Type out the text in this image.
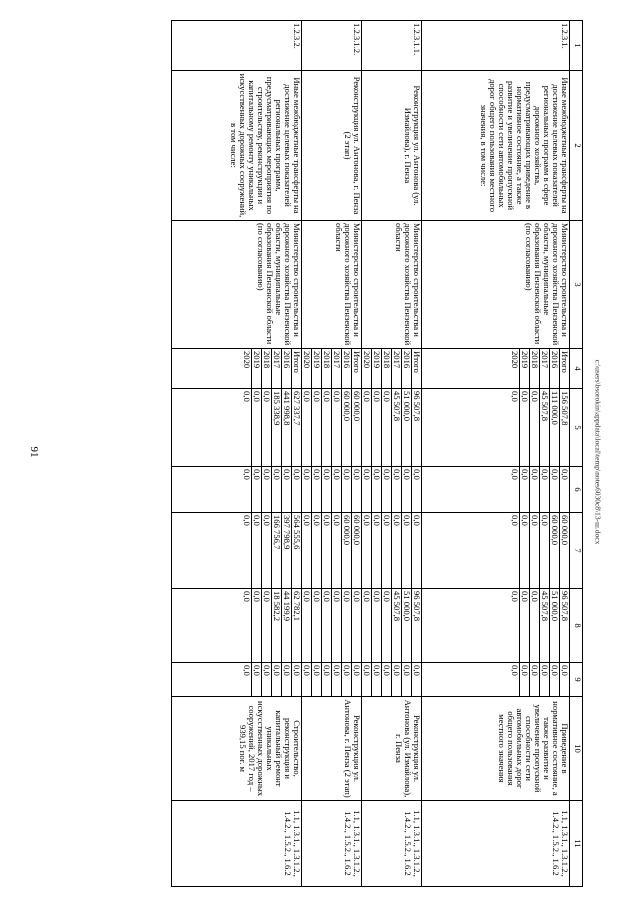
91
1	2	3	4	5	6	7	8	9	10	11
1.2.3.1.	Иные межбюджетные трансферты на достижение целевых показателей региональных программ в сфере дорожного хозяйства, предусматривающих приведение в нормативное состояние, а также развитие и увеличение пропускной способности сети автомобильных дорог общего пользования местного значения, в том числе:	Министерство строительства и дорожного хозяйства Пензенской области, муниципальные образования Пензенской области (по согласованию)	Итого	156 507,8	0,0	60 000,0	96 507,8	0,0	Приведение в нормативное состояние, а также развитие и увеличение пропускной способности сети автомобильных дорог общего пользования местного значения	1.1, 1.3.1., 1.3.1.2., 1.4.2., 1.5.2., 1.6.2
			2016	111 000,0	0,0	60 000,0	51 000,0	0,0		
			2017	45 507,8	0,0	0,0	45 507,8	0,0		
			2018	0,0	0,0	0,0	0,0	0,0		
			2019	0,0	0,0	0,0	0,0	0,0		
			2020	0,0	0,0	0,0	0,0	0,0		
1.2.3.1.1.	Реконструкция ул. Антонова (ул. Измайлова), г. Пенза	Министерство строительства и дорожного хозяйства Пензенской области	Итого	96 507,8	0,0	0,0	96 507,8	0,0	Реконструкция ул. Антонова (ул. Измайлова), г. Пенза	1.1, 1.3.1., 1.3.1.2., 1.4.2., 1.5.2., 1.6.2
			2016	51 000,0	0,0	0,0	51 000,0	0,0		
			2017	45 507,8	0,0	0,0	45 507,8	0,0		
			2018	0,0	0,0	0,0	0,0	0,0		
			2019	0,0	0,0	0,0	0,0	0,0		
			2020	0,0	0,0	0,0	0,0	0,0		
1.2.3.1.2.	Реконструкция ул. Антонова, г. Пенза (2 этап)	Министерство строительства и дорожного хозяйства Пензенской области	Итого	60 000,0	0,0	60 000,0	0,0	0,0	Реконструкция ул. Антонова, г. Пенза (2 этап)	1.1, 1.3.1., 1.3.1.2., 1.4.2., 1.5.2., 1.6.2
			2016	60 000,0	0,0	60 000,0	0,0	0,0		
			2017	0,0	0,0	0,0	0,0	0,0		
			2018	0,0	0,0	0,0	0,0	0,0		
			2019	0,0	0,0	0,0	0,0	0,0		
			2020	0,0	0,0	0,0	0,0	0,0		
1.2.3.2.	Иные межбюджетные трансферты на достижение целевых показателей региональных программ, предусматривающих мероприятия по строительству, реконструкции и капитальному ремонту уникальных искусственных дорожных сооружений, в том числе:	Министерство строительства и дорожного хозяйства Пензенской области, муниципальные образования Пензенской области (по согласованию)	Итого	627 337,7	0,0	564 555,6	62 782,1	0,0	Строительство, реконструкция и капитальный ремонт уникальных искусственных дорожных сооружений, 2017 год – 939,15 пог. м	1.1, 1.3.1., 1.3.1.2., 1.4.2., 1.5.2., 1.6.2
			2016	441 998,8	0,0	397 798,9	44 199,9	0,0		
			2017	185 338,9	0,0	166 756,7	18 582,2	0,0		
			2018	0,0	0,0	0,0	0,0	0,0		
			2019	0,0	0,0	0,0	0,0	0,0		
			2020	0,0	0,0	0,0	0,0	0,0		
c:\users\bsorokin\appdata\local\temp\notes6030c8\13-ш.docx
